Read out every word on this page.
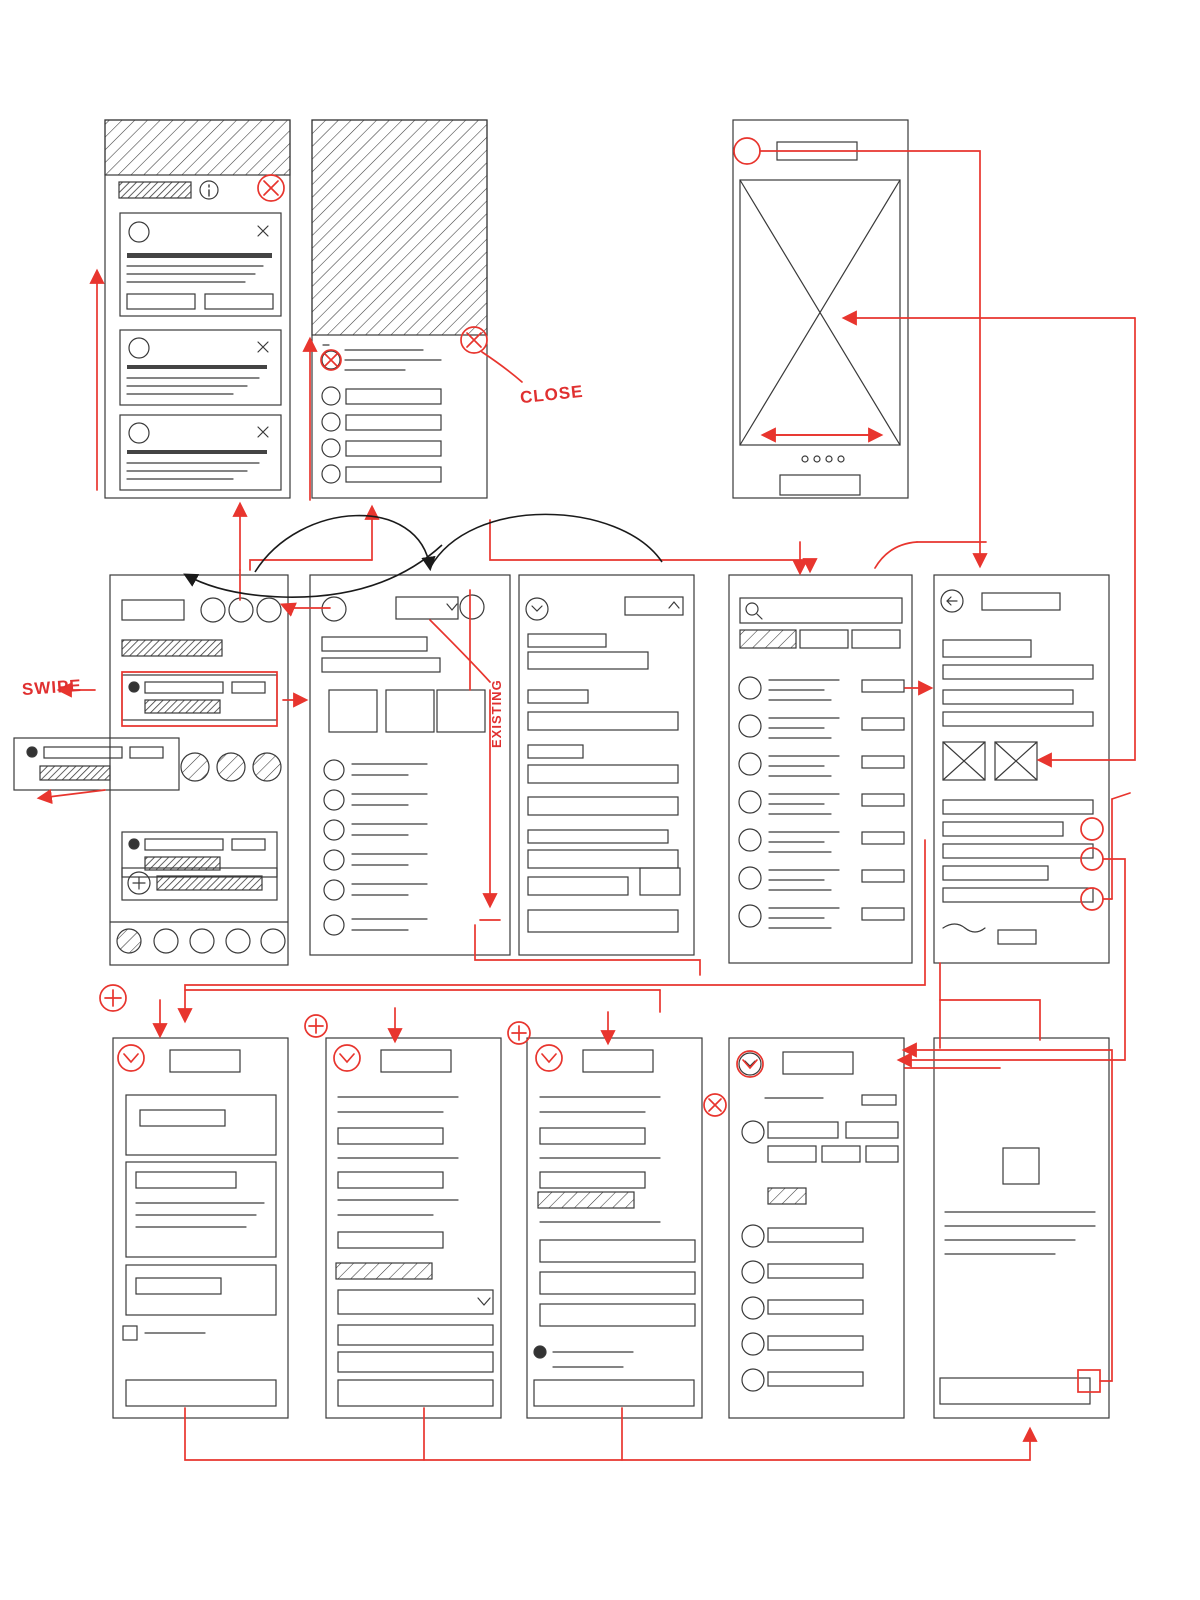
SWIPE
CLOSE
EXISTING
